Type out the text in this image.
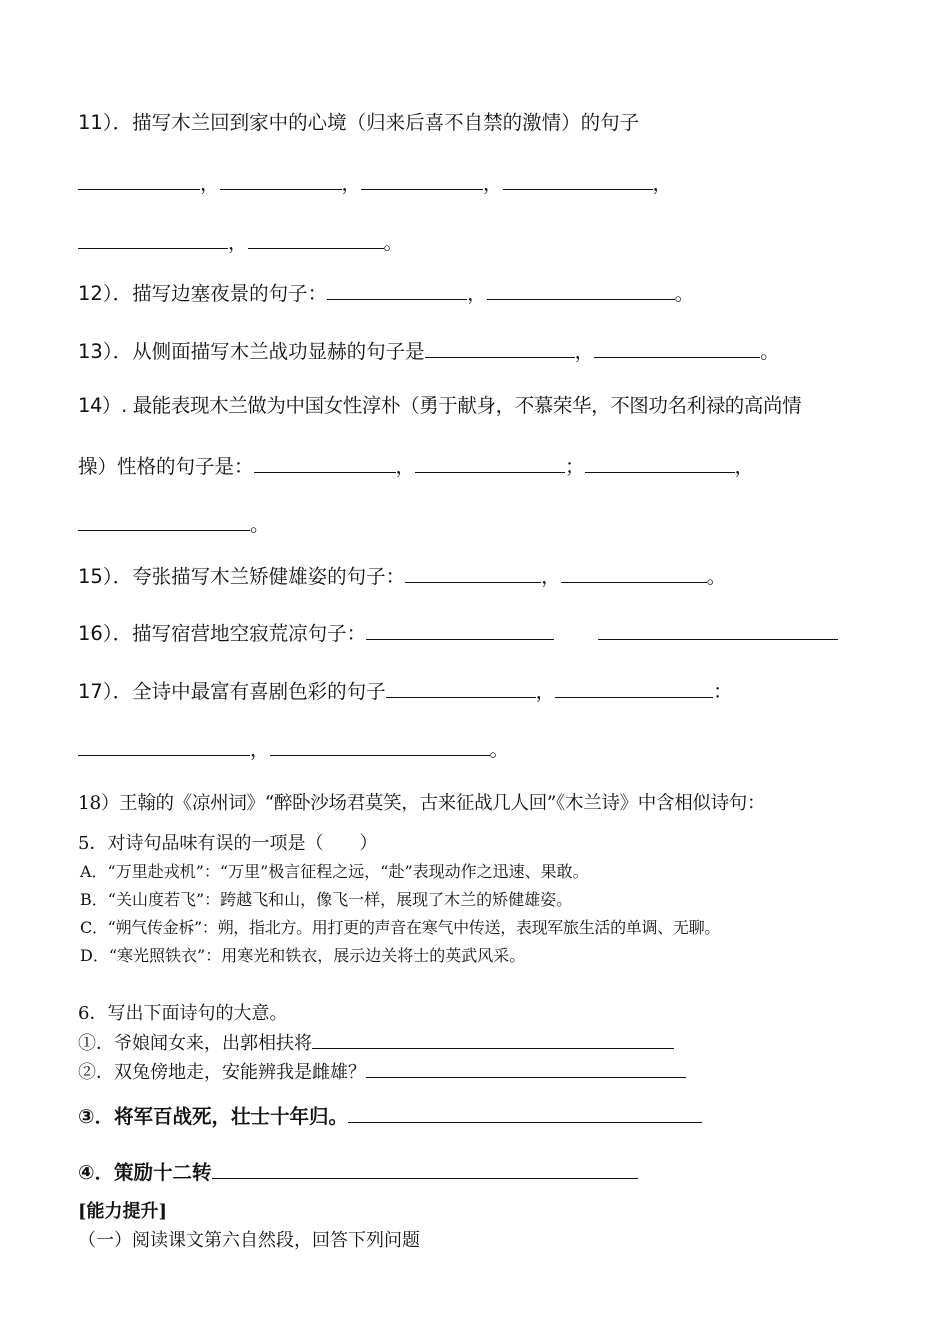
11）．描写木兰回到家中的心境（归来后喜不自禁的激情）的句子
，	，	，	，
，	。
12）．描写边塞夜景的句子：	，	。
13）．从侧面描写木兰战功显赫的句子是	，	。
14）. 最能表现木兰做为中国女性淳朴（勇于献身，不慕荣华，不图功名利禄的高尚情
操）性格的句子是：	，	；	，
。
15）．夸张描写木兰矫健雄姿的句子：	，	。
16）．描写宿营地空寂荒凉句子：
17）．全诗中最富有喜剧色彩的句子	，	：
，	。
18）王翰的《凉州词》“醉卧沙场君莫笑，古来征战几人回”《木兰诗》中含相似诗句：
5．对诗句品味有误的一项是（　　）
A．“万里赴戎机”：“万里”极言征程之远，“赴”表现动作之迅速、果敢。
B．“关山度若飞”：跨越飞和山，像飞一样，展现了木兰的矫健雄姿。
C．“朔气传金柝”：朔，指北方。用打更的声音在寒气中传送，表现军旅生活的单调、无聊。
D．“寒光照铁衣”：用寒光和铁衣，展示边关将士的英武风采。
6．写出下面诗句的大意。
①．爷娘闻女来，出郭相扶将
②．双兔傍地走，安能辨我是雌雄？
③．将军百战死，壮士十年归。
④．策励十二转
[能力提升]
（一）阅读课文第六自然段，回答下列问题
